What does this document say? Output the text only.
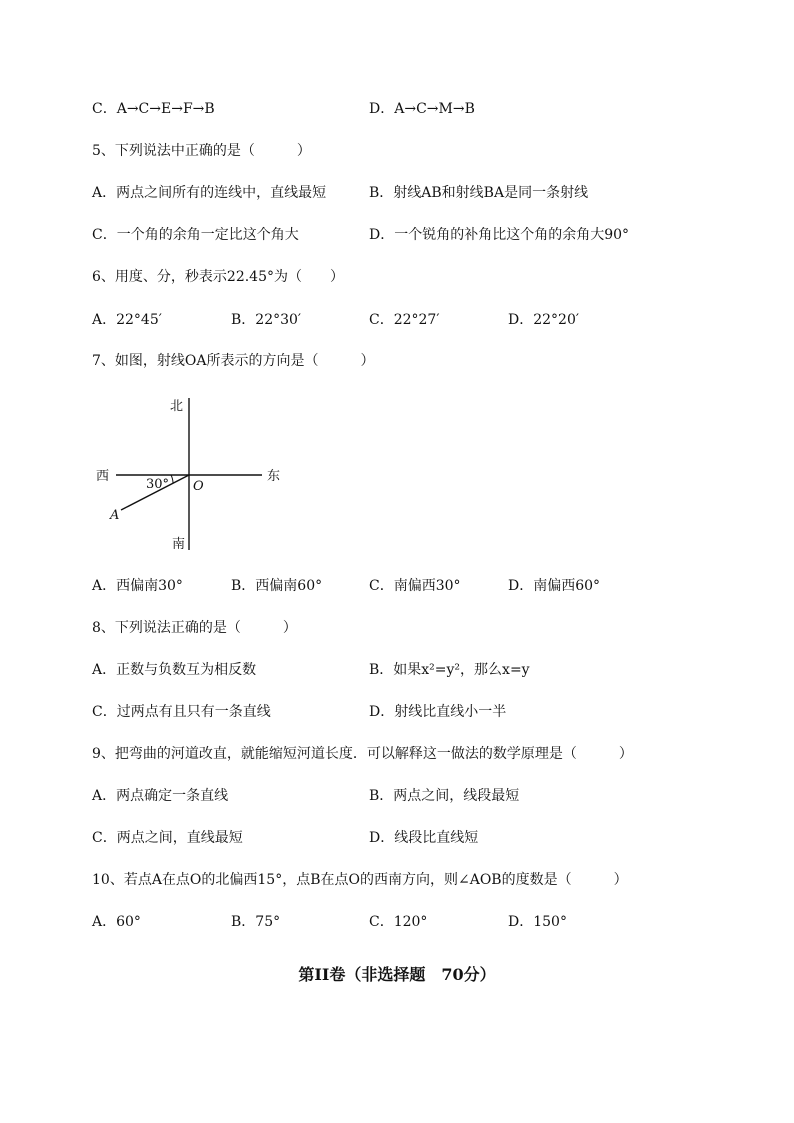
C．A→C→E→F→B	D．A→C→M→B
5、下列说法中正确的是（　　　）
A．两点之间所有的连线中，直线最短	B．射线AB和射线BA是同一条射线
C．一个角的余角一定比这个角大	D．一个锐角的补角比这个角的余角大90°
6、用度、分，秒表示22.45°为（　　）
A．22°45′	B．22°30′	C．22°27′	D．22°20′
7、如图，射线OA所表示的方向是（　　　）
北
南
西	东
O
A
30°
A．西偏南30°	B．西偏南60°	C．南偏西30°	D．南偏西60°
8、下列说法正确的是（　　　）
A．正数与负数互为相反数	B．如果x²=y²，那么x=y
C．过两点有且只有一条直线	D．射线比直线小一半
9、把弯曲的河道改直，就能缩短河道长度．可以解释这一做法的数学原理是（　　　）
A．两点确定一条直线	B．两点之间，线段最短
C．两点之间，直线最短	D．线段比直线短
10、若点A在点O的北偏西15°，点B在点O的西南方向，则∠AOB的度数是（　　　）
A．60°	B．75°	C．120°	D．150°
第II卷（非选择题　70分）
